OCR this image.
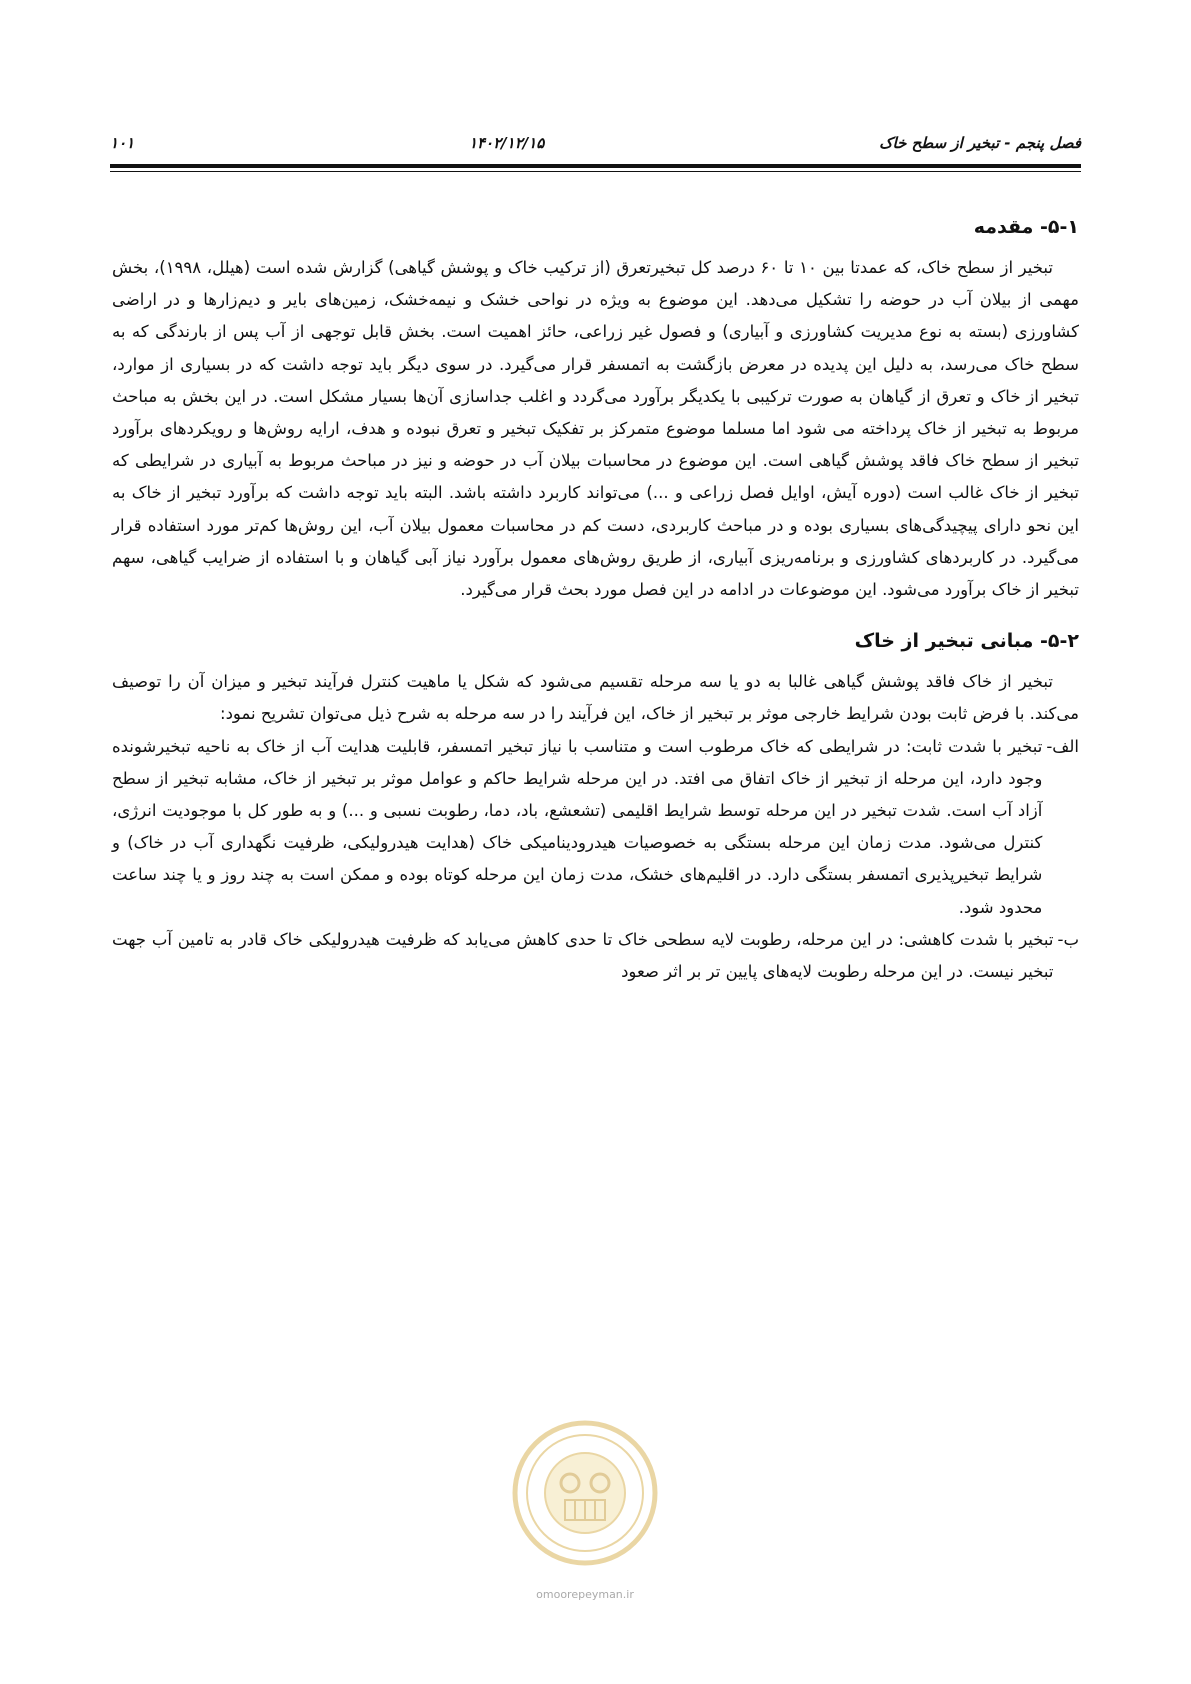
فصل پنجم - تبخیر از سطح خاک
۱۴۰۲/۱۲/۱۵
۱۰۱
۵-۱- مقدمه

تبخیر از سطح خاک، که عمدتا بین ۱۰ تا ۶۰ درصد کل تبخیرتعرق (از ترکیب خاک و پوشش گیاهی) گزارش شده است (هیلل، ۱۹۹۸)، بخش مهمی از بیلان آب در حوضه را تشکیل می‌دهد. این موضوع به ویژه در نواحی خشک و نیمه‌خشک، زمین‌های بایر و دیم‌زارها و در اراضی کشاورزی (بسته به نوع مدیریت کشاورزی و آبیاری) و فصول غیر زراعی، حائز اهمیت است. بخش قابل توجهی از آب پس از بارندگی که به سطح خاک می‌رسد، به دلیل این پدیده در معرض بازگشت به اتمسفر قرار می‌گیرد. در سوی دیگر باید توجه داشت که در بسیاری از موارد، تبخیر از خاک و تعرق از گیاهان به صورت ترکیبی با یکدیگر برآورد می‌گردد و اغلب جداسازی آن‌ها بسیار مشکل است. در این بخش به مباحث مربوط به تبخیر از خاک پرداخته می شود اما مسلما موضوع متمرکز بر تفکیک تبخیر و تعرق نبوده و هدف، ارایه روش‌ها و رویکردهای برآورد تبخیر از سطح خاک فاقد پوشش گیاهی است. این موضوع در محاسبات بیلان آب در حوضه و نیز در مباحث مربوط به آبیاری در شرایطی که تبخیر از خاک غالب است (دوره آیش، اوایل فصل زراعی و ...) می‌تواند کاربرد داشته باشد. البته باید توجه داشت که برآورد تبخیر از خاک به این نحو دارای پیچیدگی‌های بسیاری بوده و در مباحث کاربردی، دست کم در محاسبات معمول بیلان آب، این روش‌ها کم‌تر مورد استفاده قرار می‌گیرد. در کاربردهای کشاورزی و برنامه‌ریزی آبیاری، از طریق روش‌های معمول برآورد نیاز آبی گیاهان و با استفاده از ضرایب گیاهی، سهم تبخیر از خاک برآورد می‌شود. این موضوعات در ادامه در این فصل مورد بحث قرار می‌گیرد.

۵-۲- مبانی تبخیر از خاک

تبخیر از خاک فاقد پوشش گیاهی غالبا به دو یا سه مرحله تقسیم می‌شود که شکل یا ماهیت کنترل فرآیند تبخیر و میزان آن را توصیف می‌کند. با فرض ثابت بودن شرایط خارجی موثر بر تبخیر از خاک، این فرآیند را در سه مرحله به شرح ذیل می‌توان تشریح نمود:

الف-
تبخیر با شدت ثابت: در شرایطی که خاک مرطوب است و متناسب با نیاز تبخیر اتمسفر، قابلیت هدایت آب از خاک به ناحیه تبخیرشونده وجود دارد، این مرحله از تبخیر از خاک اتفاق می افتد. در این مرحله شرایط حاکم و عوامل موثر بر تبخیر از خاک، مشابه تبخیر از سطح آزاد آب است. شدت تبخیر در این مرحله توسط شرایط اقلیمی (تشعشع، باد، دما، رطوبت نسبی و ...) و به طور کل با موجودیت انرژی، کنترل می‌شود. مدت زمان این مرحله بستگی به خصوصیات هیدرودینامیکی خاک (هدایت هیدرولیکی، ظرفیت نگهداری آب در خاک) و شرایط تبخیرپذیری اتمسفر بستگی دارد. در اقلیم‌های خشک، مدت زمان این مرحله کوتاه بوده و ممکن است به چند روز و یا چند ساعت محدود شود.
ب-
تبخیر با شدت کاهشی: در این مرحله، رطوبت لایه سطحی خاک تا حدی کاهش می‌یابد که ظرفیت هیدرولیکی خاک قادر به تامین آب جهت تبخیر نیست. در این مرحله رطوبت لایه‌های پایین تر بر اثر صعود
omoorepeyman.ir
